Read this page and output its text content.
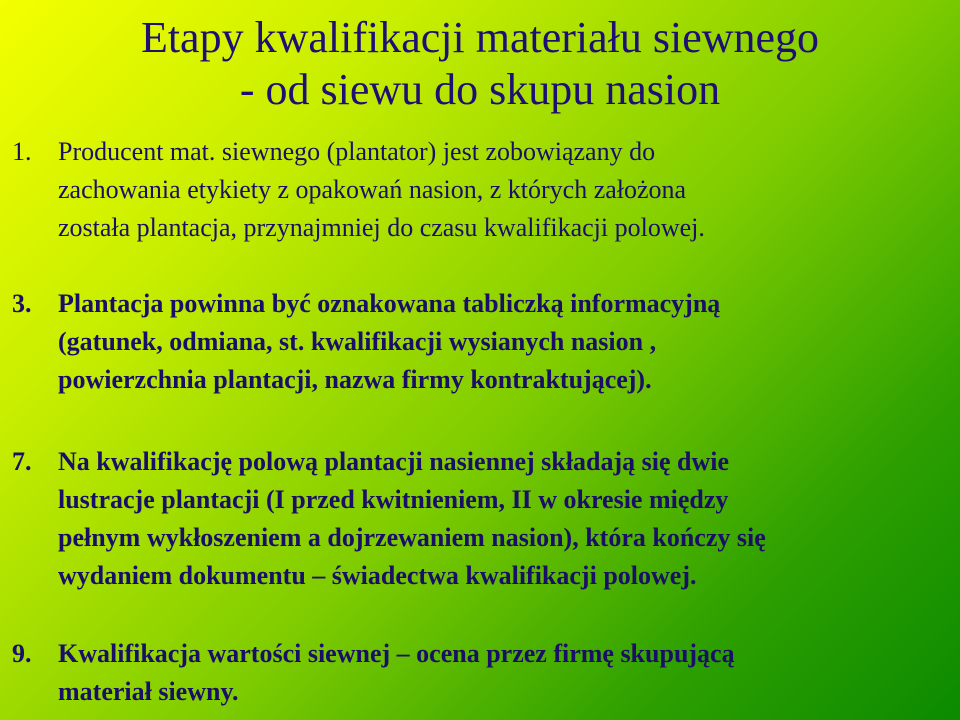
Etapy kwalifikacji materiału siewnego
- od siewu do skupu nasion
1.	Producent mat. siewnego (plantator) jest zobowiązany do
zachowania etykiety z opakowań nasion, z których założona
została plantacja, przynajmniej do czasu kwalifikacji polowej.
3.	Plantacja powinna być oznakowana tabliczką informacyjną
(gatunek, odmiana, st. kwalifikacji wysianych nasion ,
powierzchnia plantacji, nazwa firmy kontraktującej).
7.	Na kwalifikację polową plantacji nasiennej składają się dwie
lustracje plantacji (I przed kwitnieniem, II w okresie między
pełnym wykłoszeniem a dojrzewaniem nasion), która kończy się
wydaniem dokumentu – świadectwa kwalifikacji polowej.
9.	Kwalifikacja wartości siewnej – ocena przez firmę skupującą
materiał siewny.
